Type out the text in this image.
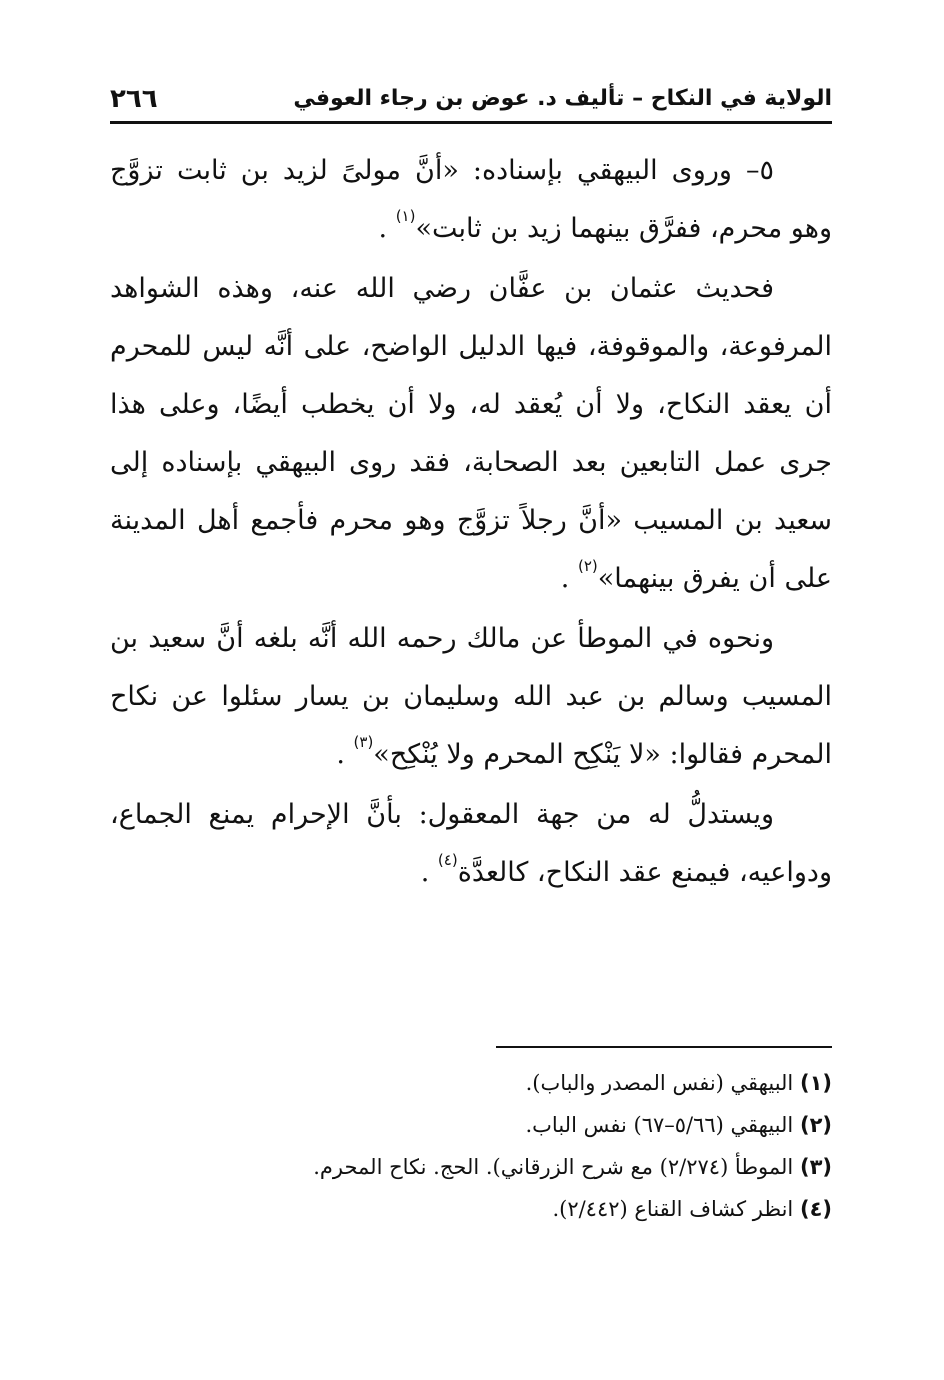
الولاية في النكاح – تأليف د. عوض بن رجاء العوفي
٢٦٦

٥– وروى البيهقي بإسناده: «أنَّ مولىً لزيد بن ثابت تزوَّج وهو محرم، ففرَّق بينهما زيد بن ثابت»$^{(١)}$ .

فحديث عثمان بن عفَّان رضي الله عنه، وهذه الشواهد المرفوعة، والموقوفة، فيها الدليل الواضح، على أنَّه ليس للمحرم أن يعقد النكاح، ولا أن يُعقد له، ولا أن يخطب أيضًا، وعلى هذا جرى عمل التابعين بعد الصحابة، فقد روى البيهقي بإسناده إلى سعيد بن المسيب «أنَّ رجلاً تزوَّج وهو محرم فأجمع أهل المدينة على أن يفرق بينهما»$^{(٢)}$ .

ونحوه في الموطأ عن مالك رحمه الله أنَّه بلغه أنَّ سعيد بن المسيب وسالم بن عبد الله وسليمان بن يسار سئلوا عن نكاح المحرم فقالوا: «لا يَنْكِح المحرم ولا يُنْكِح»$^{(٣)}$ .

ويستدلُّ له من جهة المعقول: بأنَّ الإحرام يمنع الجماع، ودواعيه، فيمنع عقد النكاح، كالعدَّة$^{(٤)}$ .

(١) البيهقي (نفس المصدر والباب).
(٢) البيهقي (٥/٦٦–٦٧) نفس الباب.
(٣) الموطأ (٢/٢٧٤) مع شرح الزرقاني). الحج. نكاح المحرم.
(٤) انظر كشاف القناع (٢/٤٤٢).
